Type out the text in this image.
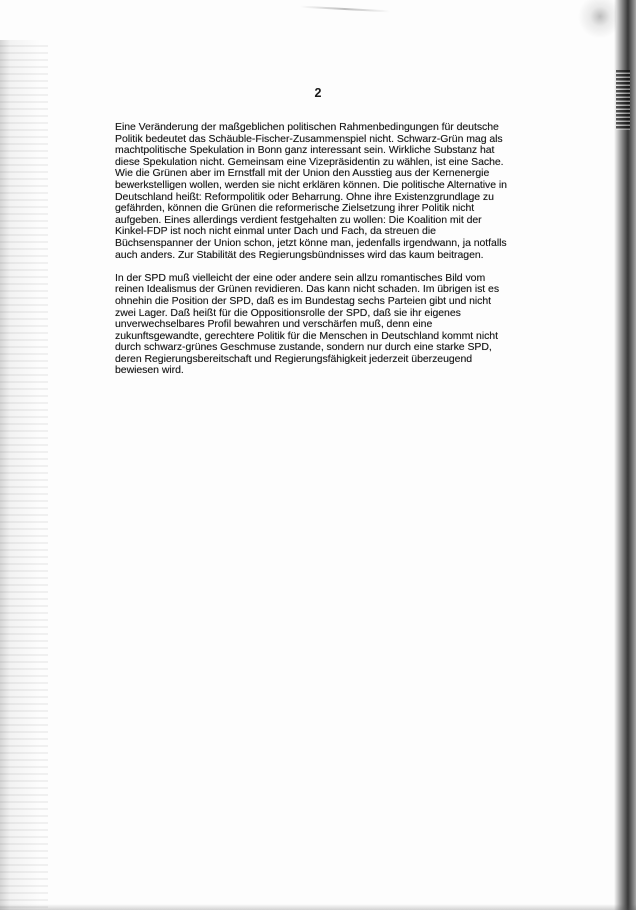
2

Eine Veränderung der maßgeblichen politischen Rahmenbedingungen für deutsche
Politik bedeutet das Schäuble-Fischer-Zusammenspiel nicht. Schwarz-Grün mag als
machtpolitische Spekulation in Bonn ganz interessant sein. Wirkliche Substanz hat
diese Spekulation nicht. Gemeinsam eine Vizepräsidentin zu wählen, ist eine Sache.
Wie die Grünen aber im Ernstfall mit der Union den Ausstieg aus der Kernenergie
bewerkstelligen wollen, werden sie nicht erklären können. Die politische Alternative in
Deutschland heißt: Reformpolitik oder Beharrung. Ohne ihre Existenzgrundlage zu
gefährden, können die Grünen die reformerische Zielsetzung ihrer Politik nicht
aufgeben. Eines allerdings verdient festgehalten zu wollen: Die Koalition mit der
Kinkel-FDP ist noch nicht einmal unter Dach und Fach, da streuen die
Büchsenspanner der Union schon, jetzt könne man, jedenfalls irgendwann, ja notfalls
auch anders. Zur Stabilität des Regierungsbündnisses wird das kaum beitragen.

In der SPD muß vielleicht der eine oder andere sein allzu romantisches Bild vom
reinen Idealismus der Grünen revidieren. Das kann nicht schaden. Im übrigen ist es
ohnehin die Position der SPD, daß es im Bundestag sechs Parteien gibt und nicht
zwei Lager. Daß heißt für die Oppositionsrolle der SPD, daß sie ihr eigenes
unverwechselbares Profil bewahren und verschärfen muß, denn eine
zukunftsgewandte, gerechtere Politik für die Menschen in Deutschland kommt nicht
durch schwarz-grünes Geschmuse zustande, sondern nur durch eine starke SPD,
deren Regierungsbereitschaft und Regierungsfähigkeit jederzeit überzeugend
bewiesen wird.
